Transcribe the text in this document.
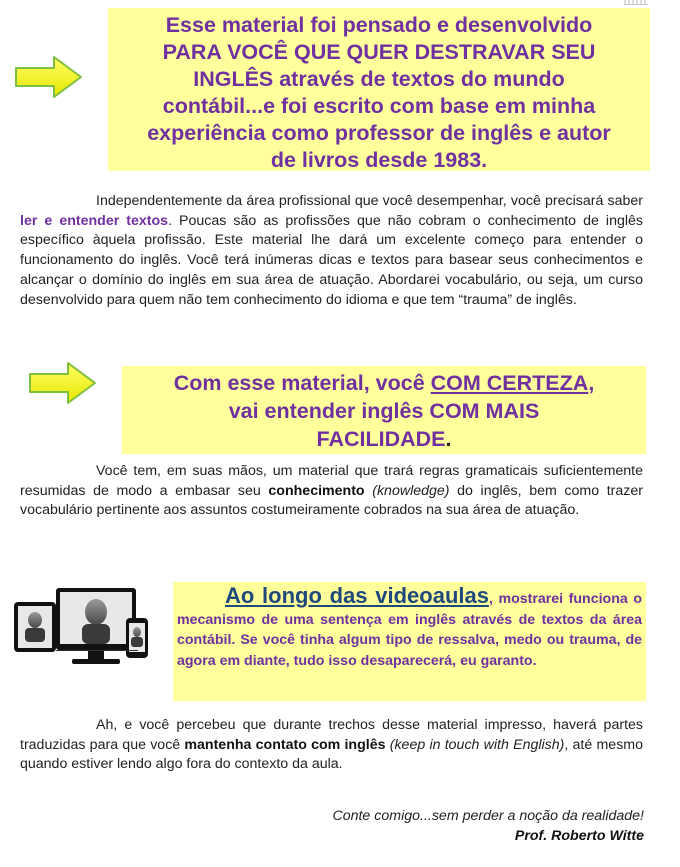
Esse material foi pensado e desenvolvido
PARA VOCÊ QUE QUER DESTRAVAR SEU
INGLÊS através de textos do mundo
contábil...e foi escrito com base em minha
experiência como professor de inglês e autor
de livros desde 1983.
Independentemente da área profissional que você desempenhar, você precisará saber ler e entender textos. Poucas são as profissões que não cobram o conhecimento de inglês específico àquela profissão. Este material lhe dará um excelente começo para entender o funcionamento do inglês. Você terá inúmeras dicas e textos para basear seus conhecimentos e alcançar o domínio do inglês em sua área de atuação. Abordarei vocabulário, ou seja, um curso desenvolvido para quem não tem conhecimento do idioma e que tem “trauma” de inglês.
Com esse material, você COM CERTEZA,
vai entender inglês COM MAIS
FACILIDADE.
Você tem, em suas mãos, um material que trará regras gramaticais suficientemente resumidas de modo a embasar seu conhecimento (knowledge) do inglês, bem como trazer vocabulário pertinente aos assuntos costumeiramente cobrados na sua área de atuação.
Ao longo das videoaulas, mostrarei funciona o mecanismo de uma sentença em inglês através de textos da área contábil. Se você tinha algum tipo de ressalva, medo ou trauma, de agora em diante, tudo isso desaparecerá, eu garanto.
Ah, e você percebeu que durante trechos desse material impresso, haverá partes traduzidas para que você mantenha contato com inglês (keep in touch with English), até mesmo quando estiver lendo algo fora do contexto da aula.
Conte comigo...sem perder a noção da realidade!
Prof. Roberto Witte
